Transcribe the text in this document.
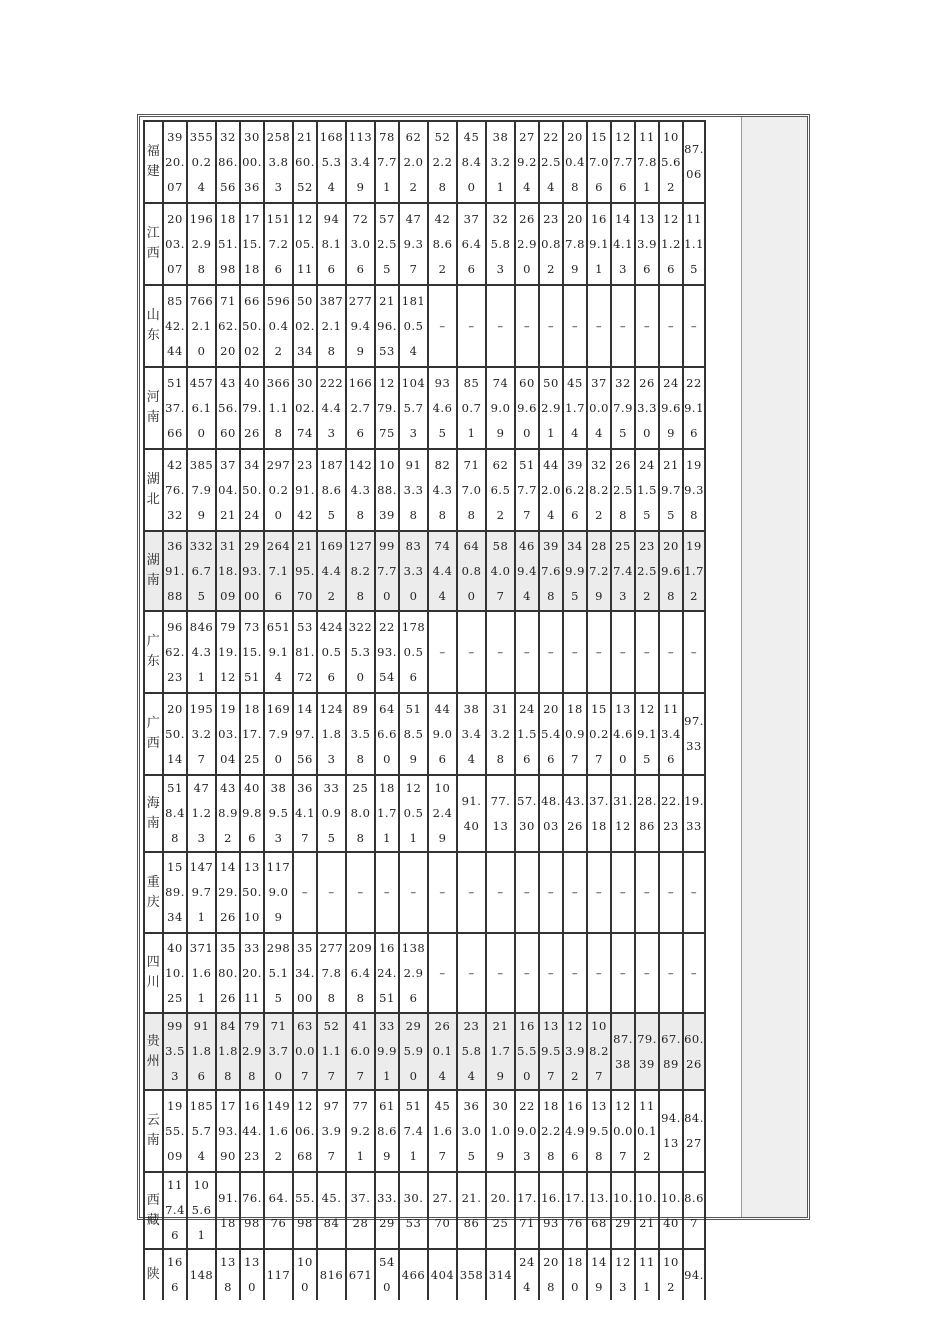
福建	3920.07	3550.24	3286.56	3000.36	2583.83	2160.52	1685.34	1133.49	787.71	622.02	522.28	458.40	383.21	279.24	222.54	200.48	157.06	127.76	117.81	105.62	87.06

江西	2003.07	1962.98	1851.98	1715.18	1517.26	1205.11	948.16	723.06	572.55	479.37	428.62	376.46	325.83	262.90	230.82	207.89	169.11	144.13	133.96	121.26	111.15

山东	8542.44	7662.10	7162.20	6650.02	5960.42	5002.34	3872.18	2779.49	2196.53	1810.54	–	–	–	–	–	–	–	–	–	–	–

河南	5137.66	4576.10	4356.60	4079.26	3661.18	3002.74	2224.43	1662.76	1279.75	1045.73	934.65	850.71	749.09	609.60	502.91	451.74	370.04	327.95	263.30	249.69	229.16

湖北	4276.32	3857.99	3704.21	3450.24	2970.20	2391.42	1878.65	1424.38	1088.39	913.38	824.38	717.08	626.52	517.77	442.04	396.26	328.22	262.58	241.55	219.75	199.38

湖南	3691.88	3326.75	3118.09	2993.00	2647.16	2195.70	1694.42	1278.28	997.70	833.30	744.44	640.80	584.07	469.44	397.68	349.95	287.29	257.43	232.52	209.68	191.72

广东	9662.23	8464.31	7919.12	7315.51	6519.14	5381.72	4240.56	3225.30	2293.54	1780.56	–	–	–	–	–	–	–	–	–	–	–

广西	2050.14	1953.27	1903.04	1817.25	1697.90	1497.56	1241.83	893.58	646.60	518.59	449.06	383.44	313.28	241.56	205.46	180.97	150.27	134.60	129.15	113.46	97.33

海南	518.48	471.23	438.92	409.86	389.53	364.17	330.95	258.08	181.71	120.51	102.49	91.40	77.13	57.30	48.03	43.26	37.18	31.12	28.86	22.23	19.33

重庆	1589.34	1479.71	1429.26	1350.10	1179.09	–	–	–	–	–	–	–	–	–	–	–	–	–	–	–	–

四川	4010.25	3711.61	3580.26	3320.11	2985.15	3534.00	2777.88	2096.48	1624.51	1382.96	–	–	–	–	–	–	–	–	–	–	–

贵州	993.53	911.86	841.88	792.98	713.70	630.07	521.17	416.07	339.91	295.90	260.14	235.84	211.79	165.50	139.57	123.92	108.27	87.38	79.39	67.89	60.26

云南	1955.09	1855.74	1793.90	1644.23	1491.62	1206.68	973.97	779.21	618.69	517.41	451.67	363.05	301.09	229.03	182.28	164.96	139.58	120.07	110.12	94.13	84.27

西藏	117.46	105.61	91.18	76.98	64.76	55.98	45.84	37.28	33.29	30.53	27.70	21.86	20.25	17.71	16.93	17.76	13.68	10.29	10.21	10.40	8.67

陕	166	148	138	130	117	100	816	671	540	466	404	358	314	244	208	180	149	123	111	102	94.
